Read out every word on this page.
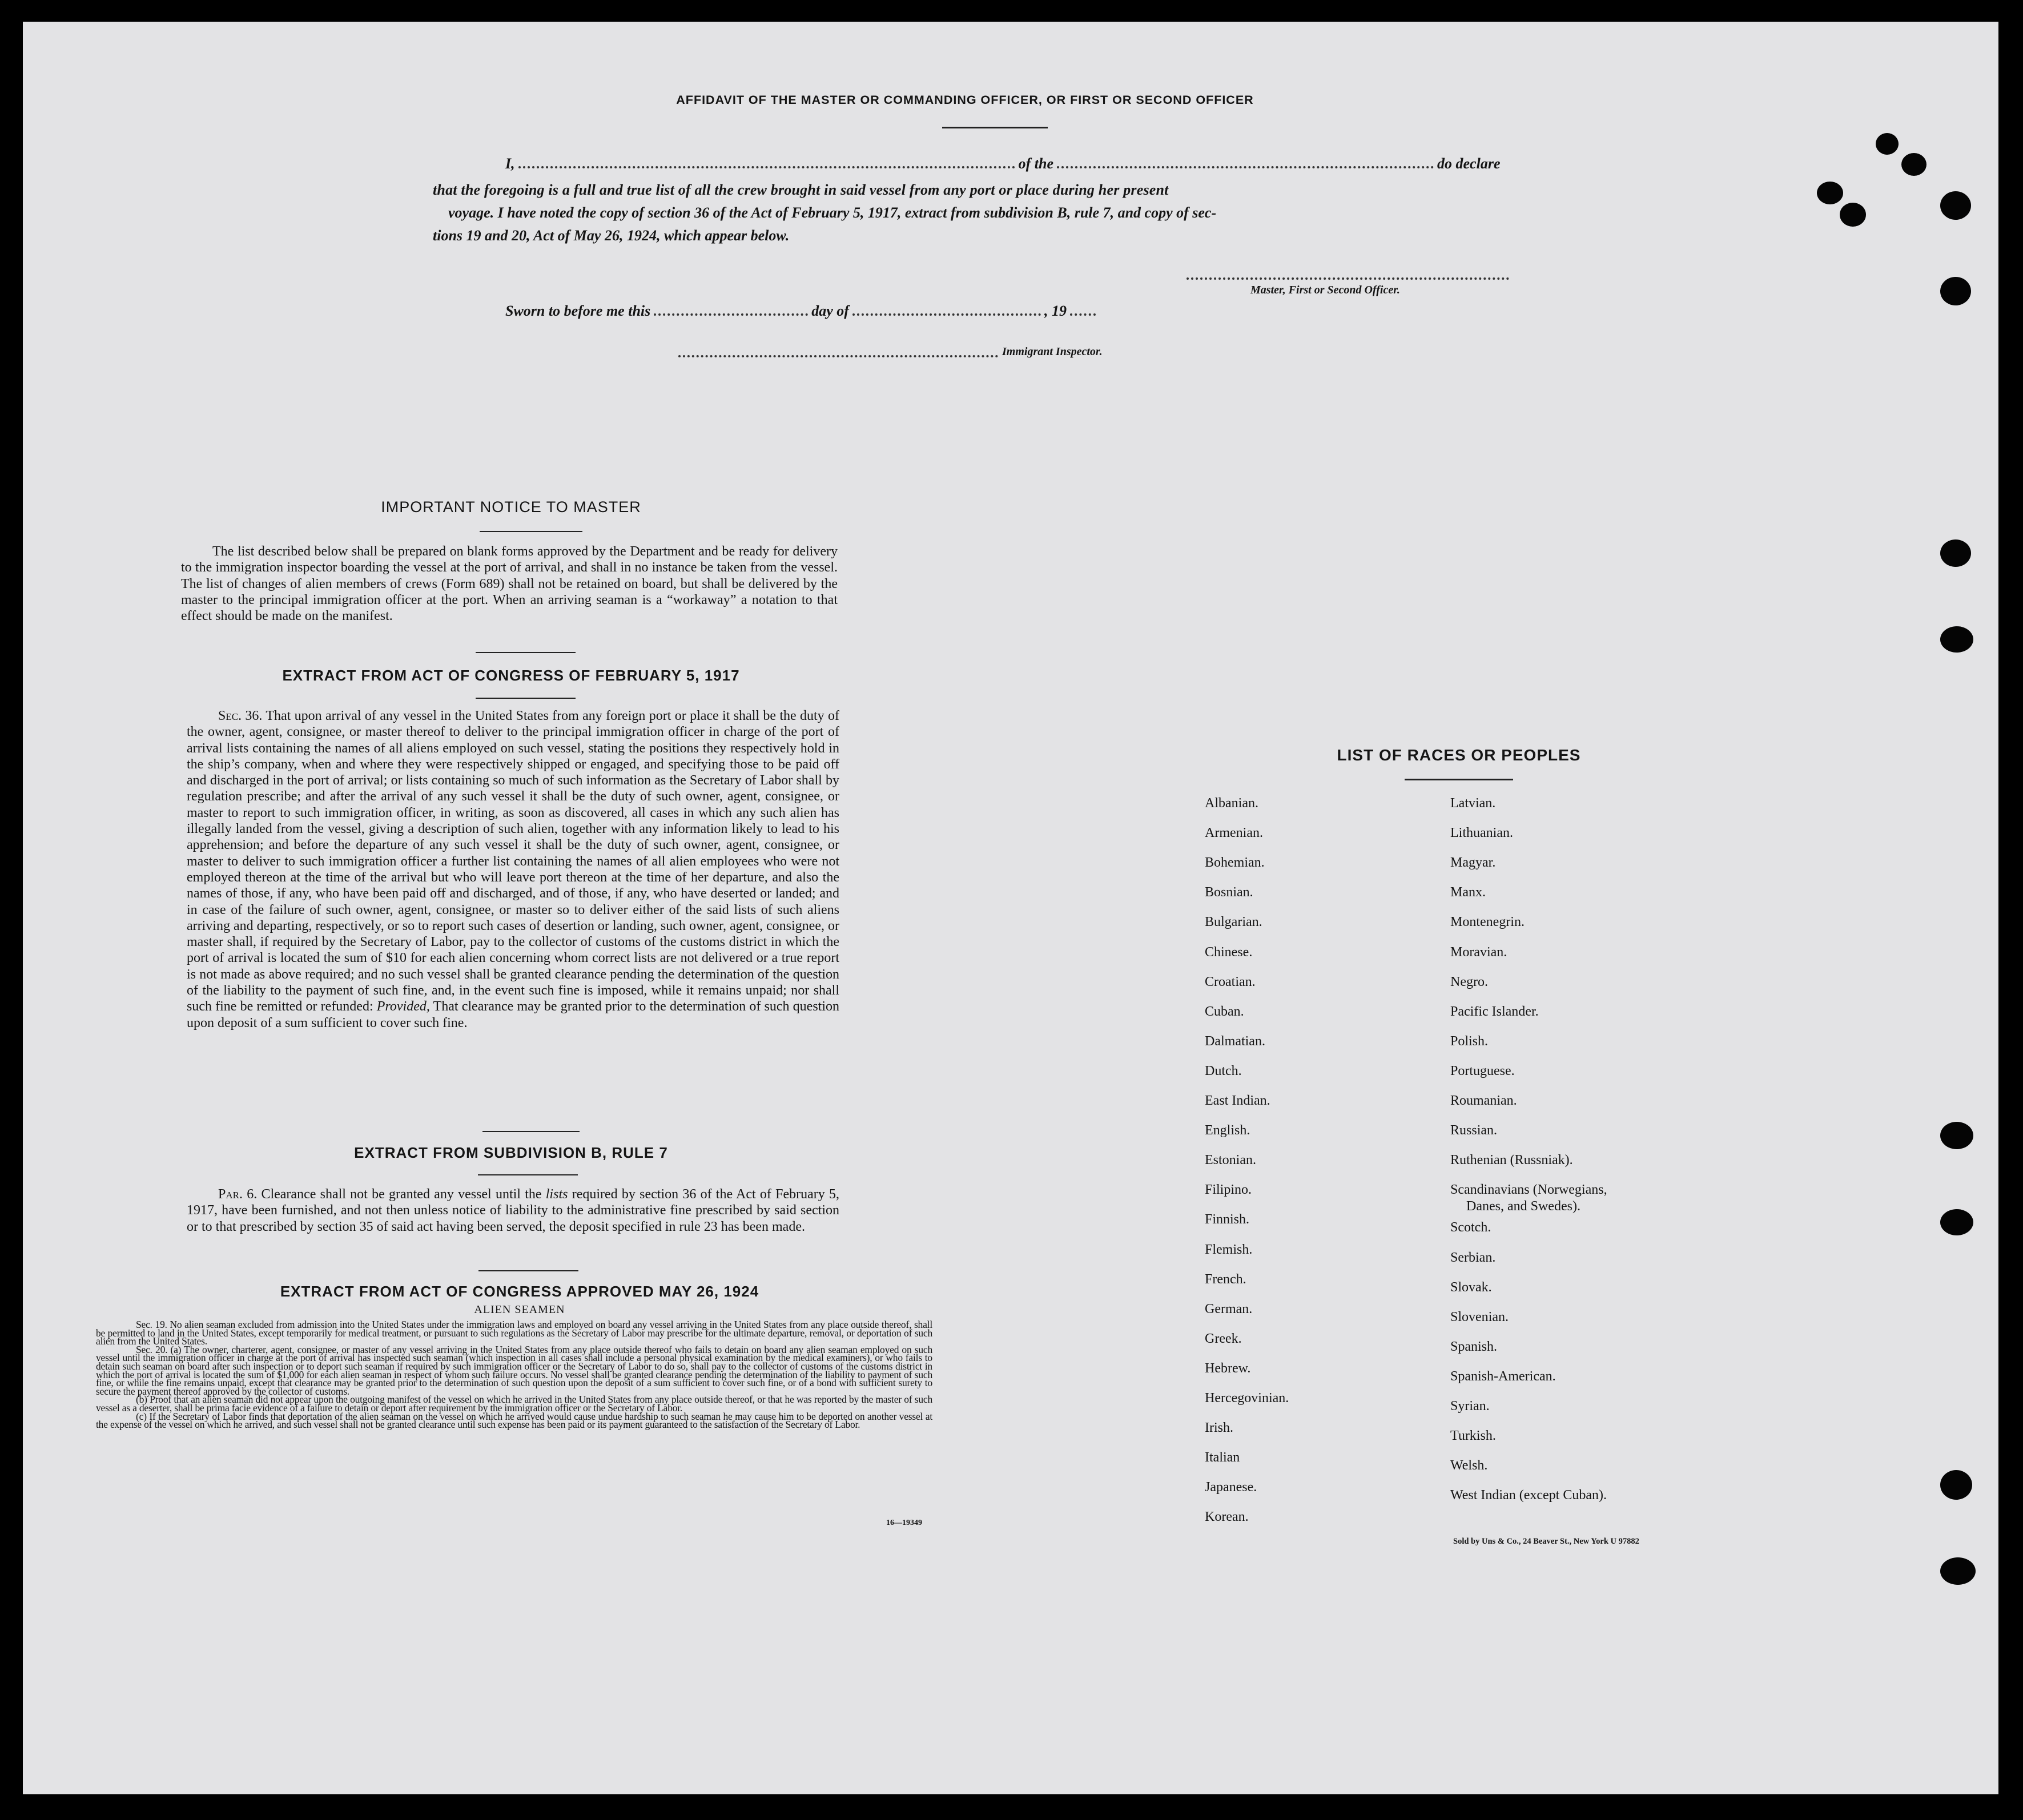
AFFIDAVIT OF THE MASTER OR COMMANDING OFFICER, OR FIRST OR SECOND OFFICER
I,	of the	do declare
that the foregoing is a full and true list of all the crew brought in said vessel from any port or place during her present
voyage. I have noted the copy of section 36 of the Act of February 5, 1917, extract from subdivision B, rule 7, and copy of sec-
tions 19 and 20, Act of May 26, 1924, which appear below.
Master, First or Second Officer.
Sworn to before me this	day of	, 19
Immigrant Inspector.
IMPORTANT NOTICE TO MASTER

The list described below shall be prepared on blank forms approved by the Department and be ready for delivery to the immigration inspector boarding the vessel at the port of arrival, and shall in no instance be taken from the vessel. The list of changes of alien members of crews (Form 689) shall not be retained on board, but shall be delivered by the master to the principal immigration officer at the port. When an arriving seaman is a “workaway” a notation to that effect should be made on the manifest.

EXTRACT FROM ACT OF CONGRESS OF FEBRUARY 5, 1917

Sec. 36. That upon arrival of any vessel in the United States from any foreign port or place it shall be the duty of the owner, agent, consignee, or master thereof to deliver to the principal immigration officer in charge of the port of arrival lists containing the names of all aliens employed on such vessel, stating the positions they respectively hold in the ship’s company, when and where they were respectively shipped or engaged, and specifying those to be paid off and discharged in the port of arrival; or lists containing so much of such information as the Secretary of Labor shall by regulation prescribe; and after the arrival of any such vessel it shall be the duty of such owner, agent, consignee, or master to report to such immigration officer, in writing, as soon as discovered, all cases in which any such alien has illegally landed from the vessel, giving a description of such alien, together with any information likely to lead to his apprehension; and before the departure of any such vessel it shall be the duty of such owner, agent, consignee, or master to deliver to such immigration officer a further list containing the names of all alien employees who were not employed thereon at the time of the arrival but who will leave port thereon at the time of her departure, and also the names of those, if any, who have been paid off and discharged, and of those, if any, who have deserted or landed; and in case of the failure of such owner, agent, consignee, or master so to deliver either of the said lists of such aliens arriving and departing, respectively, or so to report such cases of desertion or landing, such owner, agent, consignee, or master shall, if required by the Secretary of Labor, pay to the collector of customs of the customs district in which the port of arrival is located the sum of $10 for each alien concerning whom correct lists are not delivered or a true report is not made as above required; and no such vessel shall be granted clearance pending the determination of the question of the liability to the payment of such fine, and, in the event such fine is imposed, while it remains unpaid; nor shall such fine be remitted or refunded: Provided, That clearance may be granted prior to the determination of such question upon deposit of a sum sufficient to cover such fine.

EXTRACT FROM SUBDIVISION B, RULE 7

Par. 6. Clearance shall not be granted any vessel until the lists required by section 36 of the Act of February 5, 1917, have been furnished, and not then unless notice of liability to the administrative fine prescribed by said section or to that prescribed by section 35 of said act having been served, the deposit specified in rule 23 has been made.

EXTRACT FROM ACT OF CONGRESS APPROVED MAY 26, 1924
ALIEN SEAMEN

Sec. 19. No alien seaman excluded from admission into the United States under the immigration laws and employed on board any vessel arriving in the United States from any place outside thereof, shall be permitted to land in the United States, except temporarily for medical treatment, or pursuant to such regulations as the Secretary of Labor may prescribe for the ultimate departure, removal, or deportation of such alien from the United States.

Sec. 20. (a) The owner, charterer, agent, consignee, or master of any vessel arriving in the United States from any place outside thereof who fails to detain on board any alien seaman employed on such vessel until the immigration officer in charge at the port of arrival has inspected such seaman (which inspection in all cases shall include a personal physical examination by the medical examiners), or who fails to detain such seaman on board after such inspection or to deport such seaman if required by such immigration officer or the Secretary of Labor to do so, shall pay to the collector of customs of the customs district in which the port of arrival is located the sum of $1,000 for each alien seaman in respect of whom such failure occurs. No vessel shall be granted clearance pending the determination of the liability to payment of such fine, or while the fine remains unpaid, except that clearance may be granted prior to the determination of such question upon the deposit of a sum sufficient to cover such fine, or of a bond with sufficient surety to secure the payment thereof approved by the collector of customs.

(b) Proof that an alien seaman did not appear upon the outgoing manifest of the vessel on which he arrived in the United States from any place outside thereof, or that he was reported by the master of such vessel as a deserter, shall be prima facie evidence of a failure to detain or deport after requirement by the immigration officer or the Secretary of Labor.

(c) If the Secretary of Labor finds that deportation of the alien seaman on the vessel on which he arrived would cause undue hardship to such seaman he may cause him to be deported on another vessel at the expense of the vessel on which he arrived, and such vessel shall not be granted clearance until such expense has been paid or its payment guaranteed to the satisfaction of the Secretary of Labor.

16—19349
LIST OF RACES OR PEOPLES
Albanian.
Armenian.
Bohemian.
Bosnian.
Bulgarian.
Chinese.
Croatian.
Cuban.
Dalmatian.
Dutch.
East Indian.
English.
Estonian.
Filipino.
Finnish.
Flemish.
French.
German.
Greek.
Hebrew.
Hercegovinian.
Irish.
Italian
Japanese.
Korean.
Latvian.
Lithuanian.
Magyar.
Manx.
Montenegrin.
Moravian.
Negro.
Pacific Islander.
Polish.
Portuguese.
Roumanian.
Russian.
Ruthenian (Russniak).
Scandinavians (Norwegians,
Danes, and Swedes).
Scotch.
Serbian.
Slovak.
Slovenian.
Spanish.
Spanish-American.
Syrian.
Turkish.
Welsh.
West Indian (except Cuban).
Sold by Uns & Co., 24 Beaver St., New York U 97882
